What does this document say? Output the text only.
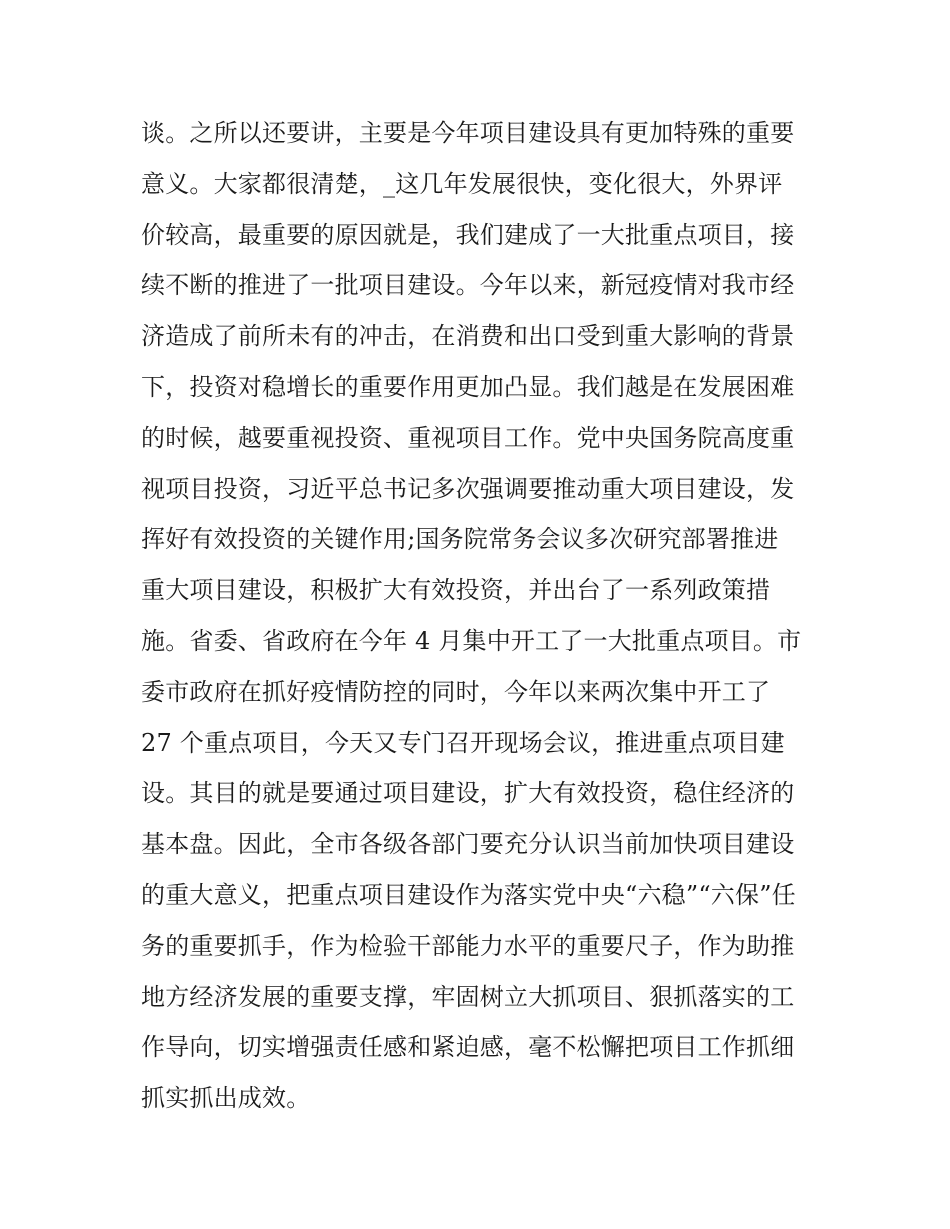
谈。之所以还要讲，主要是今年项目建设具有更加特殊的重要
意义。大家都很清楚，_这几年发展很快，变化很大，外界评
价较高，最重要的原因就是，我们建成了一大批重点项目，接
续不断的推进了一批项目建设。今年以来，新冠疫情对我市经
济造成了前所未有的冲击，在消费和出口受到重大影响的背景
下，投资对稳增长的重要作用更加凸显。我们越是在发展困难
的时候，越要重视投资、重视项目工作。党中央国务院高度重
视项目投资，习近平总书记多次强调要推动重大项目建设，发
挥好有效投资的关键作用;国务院常务会议多次研究部署推进
重大项目建设，积极扩大有效投资，并出台了一系列政策措
施。省委、省政府在今年 4 月集中开工了一大批重点项目。市
委市政府在抓好疫情防控的同时，今年以来两次集中开工了
27 个重点项目，今天又专门召开现场会议，推进重点项目建
设。其目的就是要通过项目建设，扩大有效投资，稳住经济的
基本盘。因此，全市各级各部门要充分认识当前加快项目建设
的重大意义，把重点项目建设作为落实党中央“六稳”“六保”任
务的重要抓手，作为检验干部能力水平的重要尺子，作为助推
地方经济发展的重要支撑，牢固树立大抓项目、狠抓落实的工
作导向，切实增强责任感和紧迫感，毫不松懈把项目工作抓细
抓实抓出成效。
